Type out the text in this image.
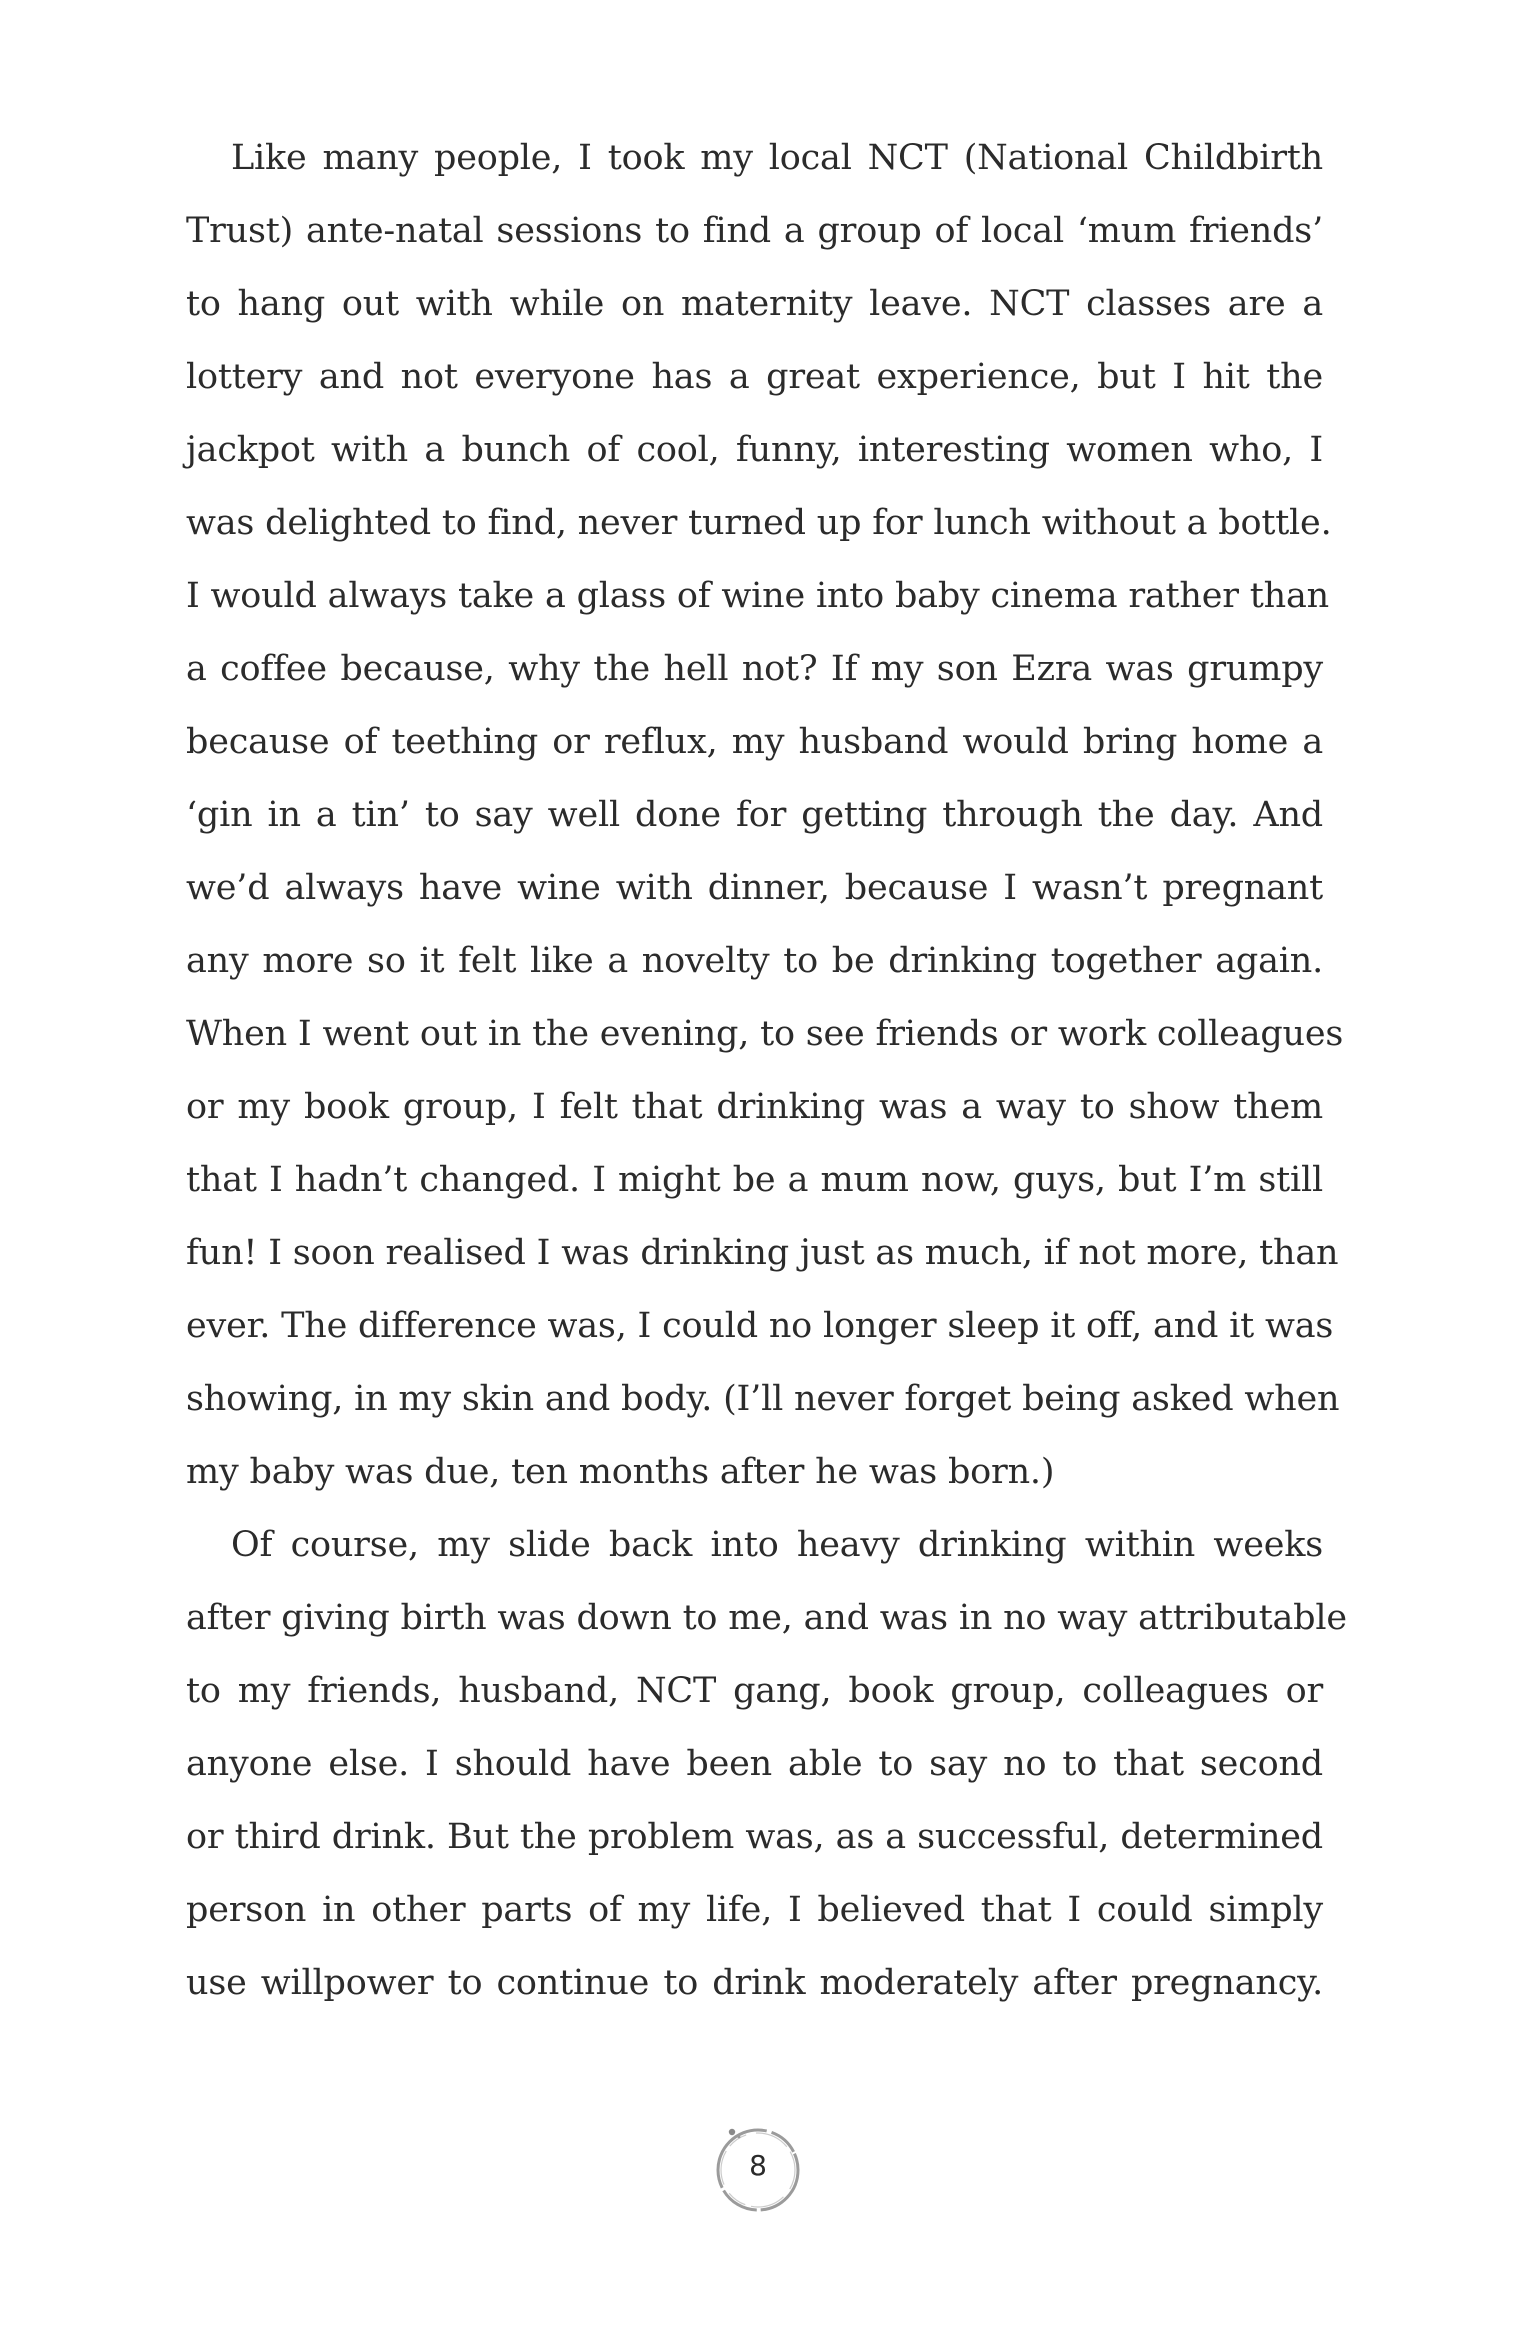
Like many people, I took my local NCT (National Childbirth
Trust) ante-natal sessions to find a group of local ‘mum friends’
to hang out with while on maternity leave. NCT classes are a
lottery and not everyone has a great experience, but I hit the
jackpot with a bunch of cool, funny, interesting women who, I
was delighted to find, never turned up for lunch without a bottle.
I would always take a glass of wine into baby cinema rather than
a coffee because, why the hell not? If my son Ezra was grumpy
because of teething or reflux, my husband would bring home a
‘gin in a tin’ to say well done for getting through the day. And
we’d always have wine with dinner, because I wasn’t pregnant
any more so it felt like a novelty to be drinking together again.
When I went out in the evening, to see friends or work colleagues
or my book group, I felt that drinking was a way to show them
that I hadn’t changed. I might be a mum now, guys, but I’m still
fun! I soon realised I was drinking just as much, if not more, than
ever. The difference was, I could no longer sleep it off, and it was
showing, in my skin and body. (I’ll never forget being asked when
my baby was due, ten months after he was born.)
Of course, my slide back into heavy drinking within weeks
after giving birth was down to me, and was in no way attributable
to my friends, husband, NCT gang, book group, colleagues or
anyone else. I should have been able to say no to that second
or third drink. But the problem was, as a successful, determined
person in other parts of my life, I believed that I could simply
use willpower to continue to drink moderately after pregnancy.
8
